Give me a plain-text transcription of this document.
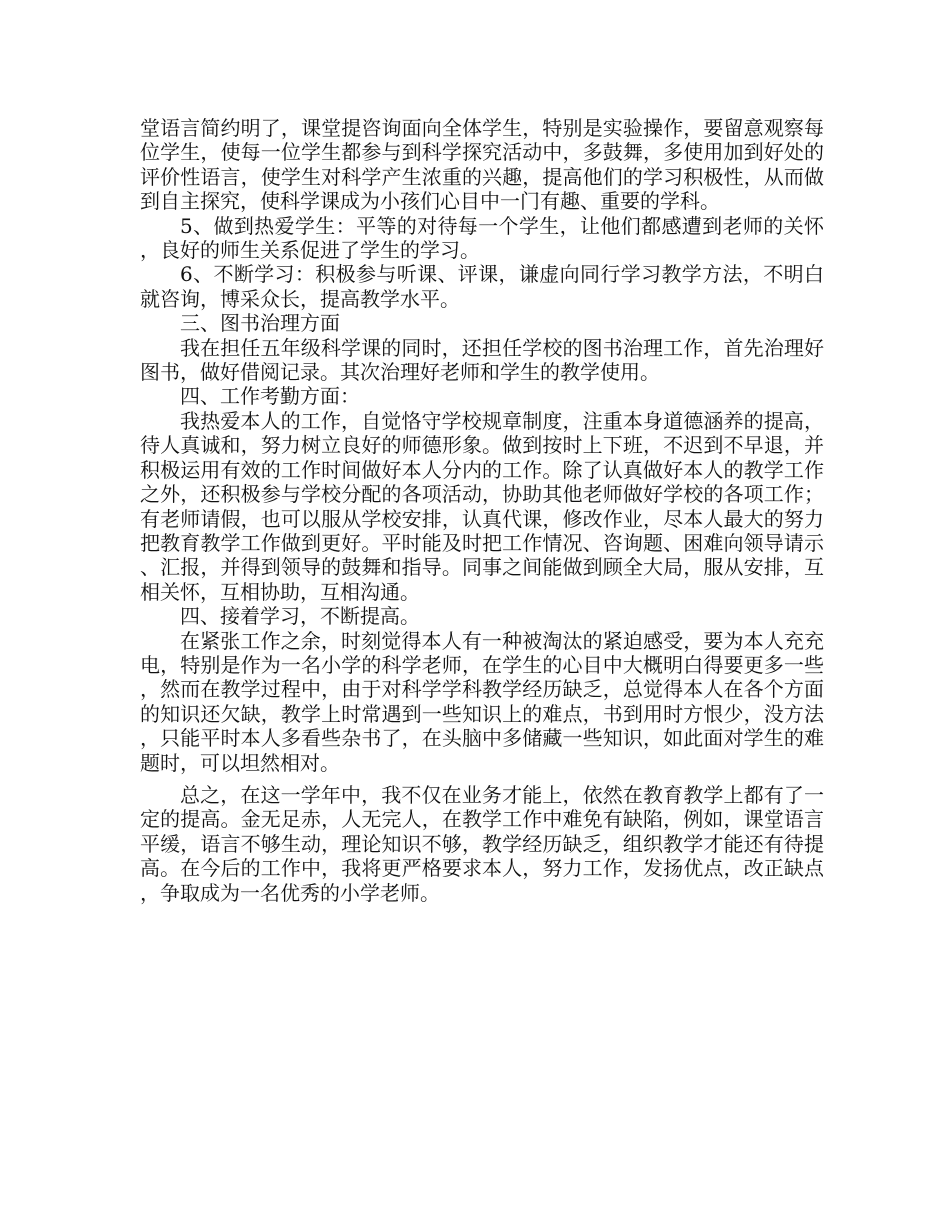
堂语言简约明了，课堂提咨询面向全体学生，特别是实验操作，要留意观察每位学生，使每一位学生都参与到科学探究活动中，多鼓舞，多使用加到好处的评价性语言，使学生对科学产生浓重的兴趣，提高他们的学习积极性，从而做到自主探究，使科学课成为小孩们心目中一门有趣、重要的学科。

5、做到热爱学生：平等的对待每一个学生，让他们都感遭到老师的关怀，良好的师生关系促进了学生的学习。

6、不断学习：积极参与听课、评课，谦虚向同行学习教学方法，不明白就咨询，博采众长，提高教学水平。

三、图书治理方面

我在担任五年级科学课的同时，还担任学校的图书治理工作，首先治理好图书，做好借阅记录。其次治理好老师和学生的教学使用。

四、工作考勤方面：

我热爱本人的工作，自觉恪守学校规章制度，注重本身道德涵养的提高，待人真诚和，努力树立良好的师德形象。做到按时上下班，不迟到不早退，并积极运用有效的工作时间做好本人分内的工作。除了认真做好本人的教学工作之外，还积极参与学校分配的各项活动，协助其他老师做好学校的各项工作；有老师请假，也可以服从学校安排，认真代课，修改作业，尽本人最大的努力把教育教学工作做到更好。平时能及时把工作情况、咨询题、困难向领导请示、汇报，并得到领导的鼓舞和指导。同事之间能做到顾全大局，服从安排，互相关怀，互相协助，互相沟通。

四、接着学习，不断提高。

在紧张工作之余，时刻觉得本人有一种被淘汰的紧迫感受，要为本人充充电，特别是作为一名小学的科学老师，在学生的心目中大概明白得要更多一些，然而在教学过程中，由于对科学学科教学经历缺乏，总觉得本人在各个方面的知识还欠缺，教学上时常遇到一些知识上的难点，书到用时方恨少，没方法，只能平时本人多看些杂书了，在头脑中多储藏一些知识，如此面对学生的难题时，可以坦然相对。

总之，在这一学年中，我不仅在业务才能上，依然在教育教学上都有了一定的提高。金无足赤，人无完人，在教学工作中难免有缺陷，例如，课堂语言平缓，语言不够生动，理论知识不够，教学经历缺乏，组织教学才能还有待提高。在今后的工作中，我将更严格要求本人，努力工作，发扬优点，改正缺点，争取成为一名优秀的小学老师。
